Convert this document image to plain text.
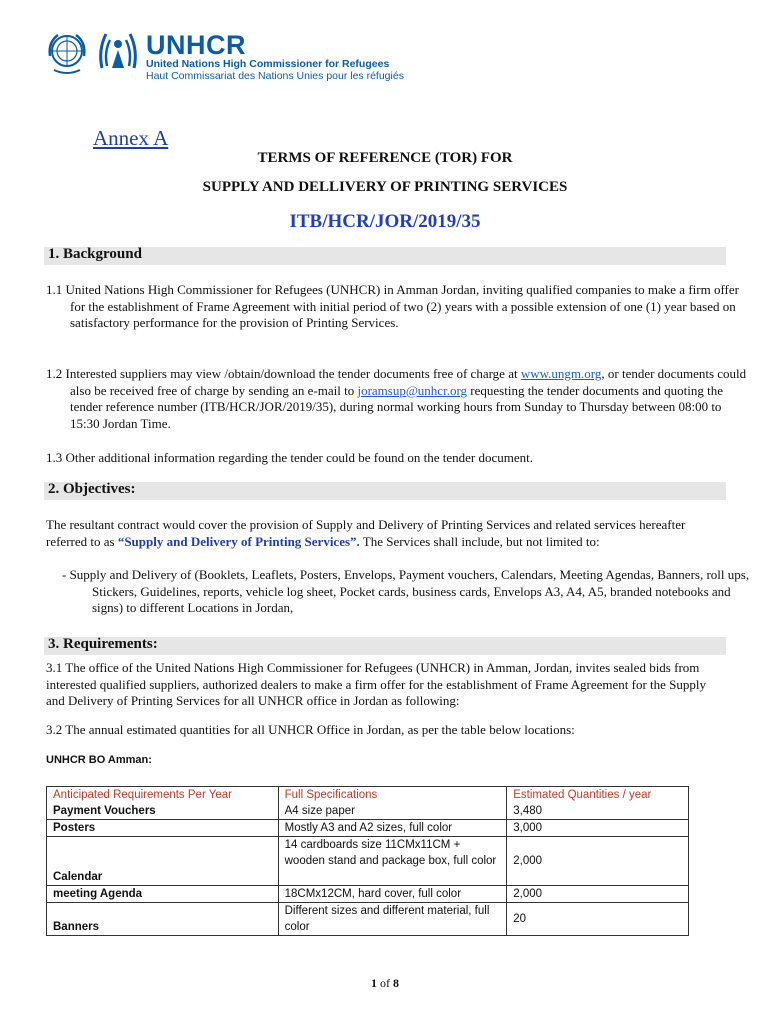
UNHCR
United Nations High Commissioner for Refugees
Haut Commissariat des Nations Unies pour les réfugiés
Annex A
TERMS OF REFERENCE (TOR) FOR
SUPPLY AND DELLIVERY OF PRINTING SERVICES
ITB/HCR/JOR/2019/35
1. Background
1.1 United Nations High Commissioner for Refugees (UNHCR) in Amman Jordan, inviting qualified companies to make a firm offer for the establishment of Frame Agreement with initial period of two (2) years with a possible extension of one (1) year based on satisfactory performance for the provision of Printing Services.
1.2 Interested suppliers may view /obtain/download the tender documents free of charge at www.ungm.org, or tender documents could also be received free of charge by sending an e-mail to joramsup@unhcr.org requesting the tender documents and quoting the tender reference number (ITB/HCR/JOR/2019/35), during normal working hours from Sunday to Thursday between 08:00 to 15:30 Jordan Time.
1.3 Other additional information regarding the tender could be found on the tender document.
2. Objectives:
The resultant contract would cover the provision of Supply and Delivery of Printing Services and related services hereafter referred to as “Supply and Delivery of Printing Services”. The Services shall include, but not limited to:
- Supply and Delivery of (Booklets, Leaflets, Posters, Envelops, Payment vouchers, Calendars, Meeting Agendas, Banners, roll ups, Stickers, Guidelines, reports, vehicle log sheet, Pocket cards, business cards, Envelops A3, A4, A5, branded notebooks and signs) to different Locations in Jordan,
3. Requirements:
3.1 The office of the United Nations High Commissioner for Refugees (UNHCR) in Amman, Jordan, invites sealed bids from interested qualified suppliers, authorized dealers to make a firm offer for the establishment of Frame Agreement for the Supply and Delivery of Printing Services for all UNHCR office in Jordan as following:
3.2 The annual estimated quantities for all UNHCR Office in Jordan, as per the table below locations:
UNHCR BO Amman:
Anticipated Requirements Per Year	Full Specifications	Estimated Quantities / year
Payment Vouchers	A4 size paper	3,480
Posters	Mostly A3 and A2 sizes, full color	3,000
Calendar	14 cardboards size 11CMx11CM + wooden stand and package box, full color	2,000
meeting Agenda	18CMx12CM, hard cover, full color	2,000
Banners	Different sizes and different material, full color	20
1 of 8
